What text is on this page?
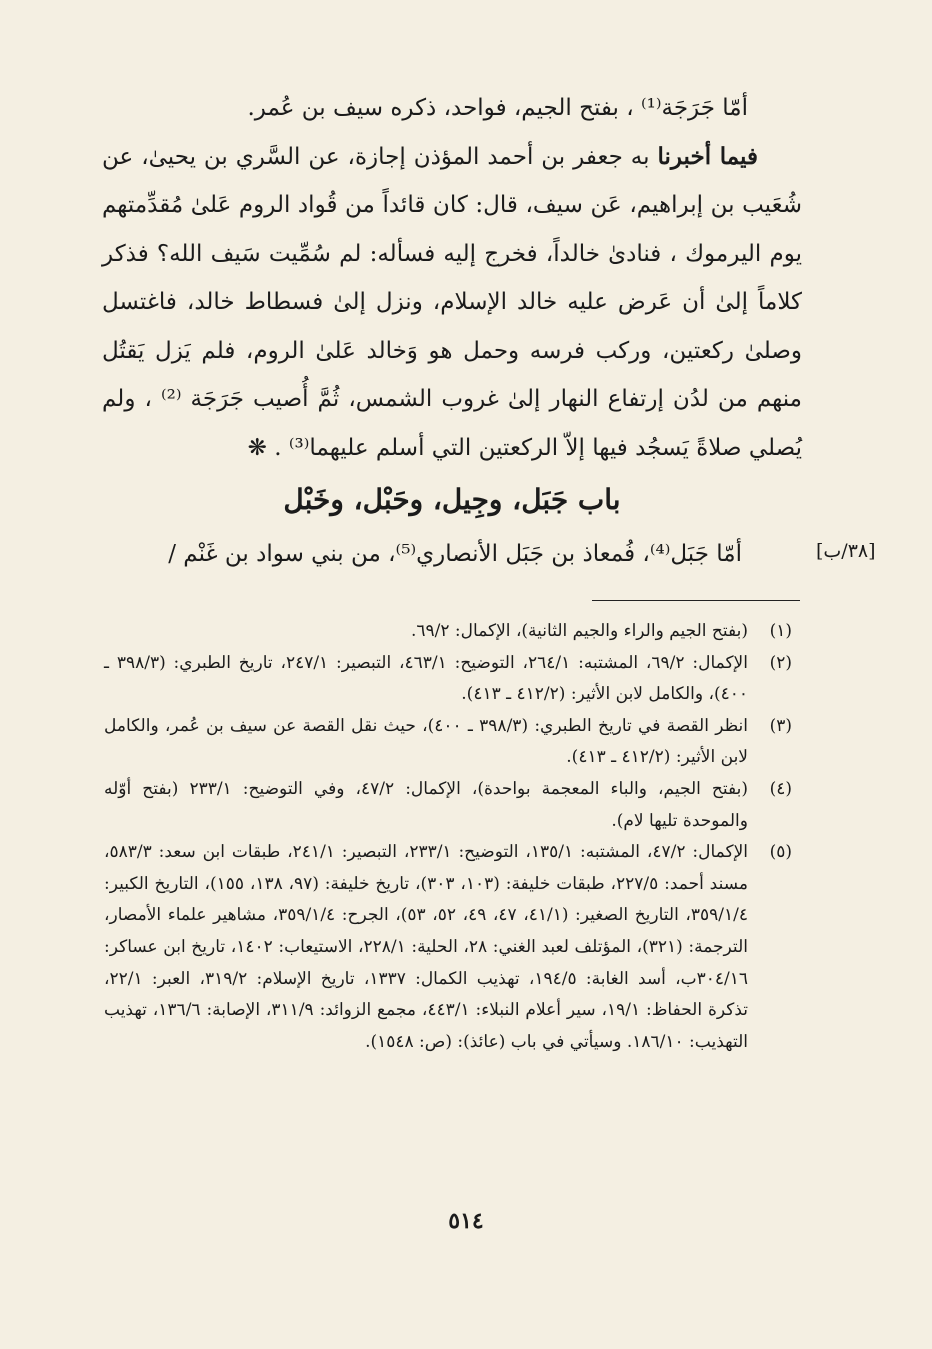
أمّا جَرَجَة⁽¹⁾ ، بفتح الجيم، فواحد، ذكره سيف بن عُمر.

فيما أخبرنا به جعفر بن أحمد المؤذن إجازة، عن السَّري بن يحيىٰ، عن شُعَيب بن إبراهيم، عَن سيف، قال: كان قائداً من قُواد الروم عَلىٰ مُقدِّمتهم يوم اليرموك ، فنادىٰ خالداً، فخرج إليه فسأله: لم سُمِّيت سَيف الله؟ فذكر كلاماً إلىٰ أن عَرض عليه خالد الإسلام، ونزل إلىٰ فسطاط خالد، فاغتسل وصلىٰ ركعتين، وركب فرسه وحمل هو وَخالد عَلىٰ الروم، فلم يَزل يَقتُل منهم من لدُن إرتفاع النهار إلىٰ غروب الشمس، ثُمَّ أُصيب جَرَجَة ⁽²⁾ ، ولم يُصلي صلاةً يَسجُد فيها إلاّ الركعتين التي أسلم عليهما⁽³⁾ . ❋

باب جَبَل، وجِيل، وحَبْل، وخَبْل
أمّا جَبَل⁽⁴⁾، فُمعاذ بن جَبَل الأنصاري⁽⁵⁾، من بني سواد بن غَنْم /	[٣٨/ب]
(١)
(بفتح الجيم والراء والجيم الثانية)، الإكمال: ٦٩/٢.
(٢)
الإكمال: ٦٩/٢، المشتبه: ٢٦٤/١، التوضيح: ٤٦٣/١، التبصير: ٢٤٧/١، تاريخ الطبري: (٣٩٨/٣ ـ ٤٠٠)، والكامل لابن الأثير: (٤١٢/٢ ـ ٤١٣).
(٣)
انظر القصة في تاريخ الطبري: (٣٩٨/٣ ـ ٤٠٠)، حيث نقل القصة عن سيف بن عُمر، والكامل لابن الأثير: (٤١٢/٢ ـ ٤١٣).
(٤)
(بفتح الجيم، والباء المعجمة بواحدة)، الإكمال: ٤٧/٢، وفي التوضيح: ٢٣٣/١ (بفتح أوّله والموحدة تليها لام).
(٥)
الإكمال: ٤٧/٢، المشتبه: ١٣٥/١، التوضيح: ٢٣٣/١، التبصير: ٢٤١/١، طبقات ابن سعد: ٥٨٣/٣، مسند أحمد: ٢٢٧/٥، طبقات خليفة: (١٠٣، ٣٠٣)، تاريخ خليفة: (٩٧، ١٣٨، ١٥٥)، التاريخ الكبير: ٣٥٩/١/٤، التاريخ الصغير: (٤١/١، ٤٧، ٤٩، ٥٢، ٥٣)، الجرح: ٣٥٩/١/٤، مشاهير علماء الأمصار، الترجمة: (٣٢١)، المؤتلف لعبد الغني: ٢٨، الحلية: ٢٢٨/١، الاستيعاب: ١٤٠٢، تاريخ ابن عساكر: ٣٠٤/١٦ب، أسد الغابة: ١٩٤/٥، تهذيب الكمال: ١٣٣٧، تاريخ الإسلام: ٣١٩/٢، العبر: ٢٢/١، تذكرة الحفاظ: ١٩/١، سير أعلام النبلاء: ٤٤٣/١، مجمع الزوائد: ٣١١/٩، الإصابة: ١٣٦/٦، تهذيب التهذيب: ١٨٦/١٠. وسيأتي في باب (عائذ): (ص: ١٥٤٨).
٥١٤
